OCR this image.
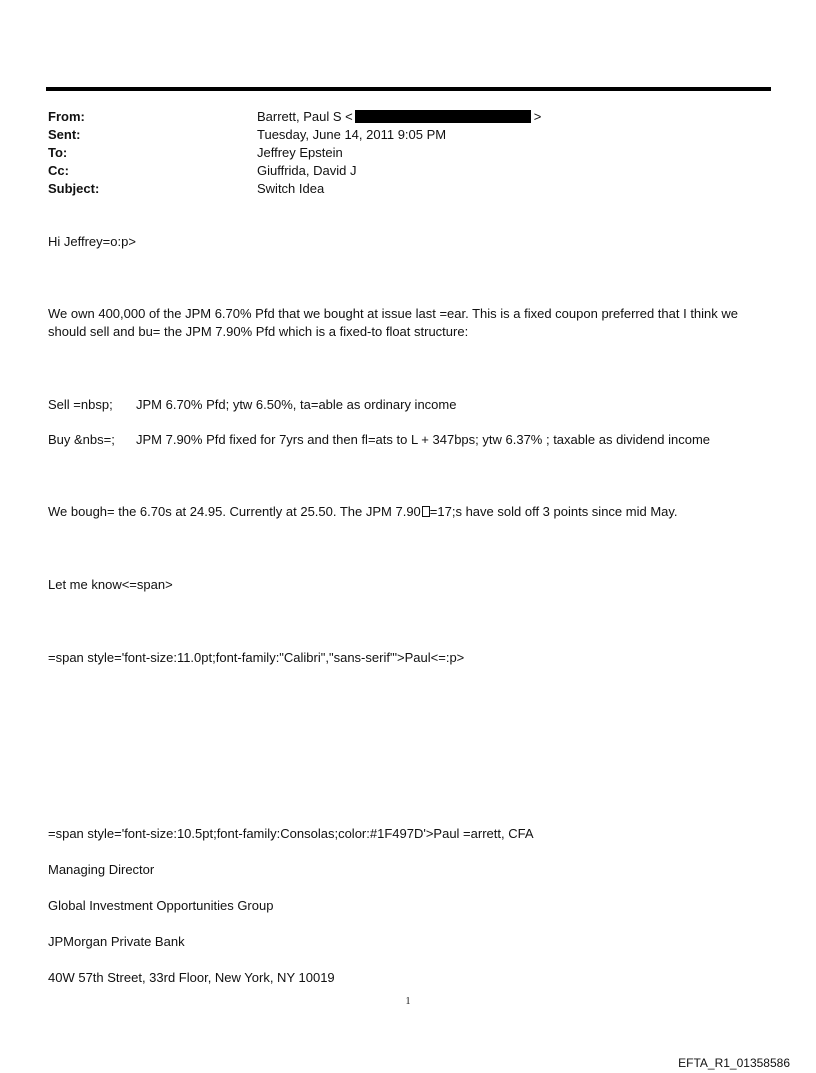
From:	Barrett, Paul S <	>
Sent:	Tuesday, June 14, 2011 9:05 PM
To:	Jeffrey Epstein
Cc:	Giuffrida, David J
Subject:	Switch Idea
Hi Jeffrey=o:p>
We own 400,000 of the JPM 6.70% Pfd that we bought at issue last =ear. This is a fixed coupon preferred that I think we should sell and bu= the JPM 7.90% Pfd which is a fixed-to float structure:
Sell =nbsp; JPM 6.70% Pfd; ytw 6.50%, ta=able as ordinary income
Buy &nbs=; JPM 7.90% Pfd fixed for 7yrs and then fl=ats to L + 347bps; ytw 6.37% ; taxable as dividend income
We bough= the 6.70s at 24.95. Currently at 25.50. The JPM 7.90 =17;s have sold off 3 points since mid May.
Let me know<=span>
=span style='font-size:11.0pt;font-family:"Calibri","sans-serif"'>Paul<=:p>
=span style='font-size:10.5pt;font-family:Consolas;color:#1F497D'>Paul =arrett, CFA
Managing Director
Global Investment Opportunities Group
JPMorgan Private Bank
40W 57th Street, 33rd Floor, New York, NY 10019
1
EFTA_R1_01358586
